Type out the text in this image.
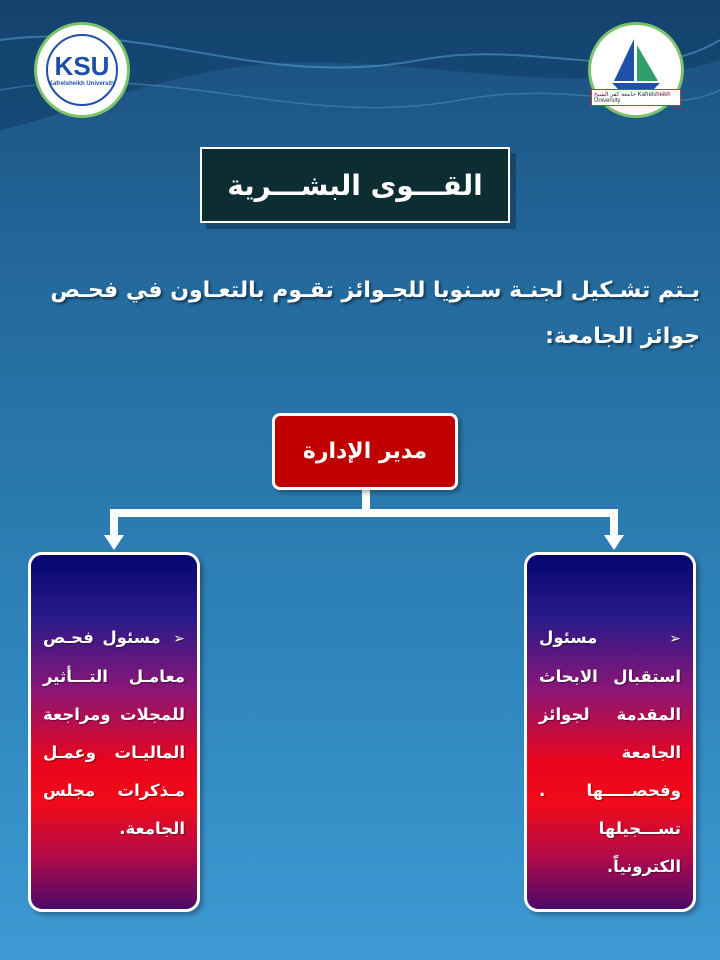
KSU
Kafrelsheikh University
جامعة كفر الشيخ Kafrelsheikh University
القـــوى البشـــرية
يـتم تشـكيل لجنـة سـنويا للجـوائز تقـوم بالتعـاون في فحـص جوائز الجامعة:
مدير الإدارة
➢ مسئول استقبال الابحاث المقدمة لجوائز الجامعة وفحصـــــها . تســـجيلها الكترونياً.
➢ مسئول فحـص معامـل التـــأثير للمجلات ومراجعة الماليـات وعمـل مـذكرات مجلس الجامعة.
